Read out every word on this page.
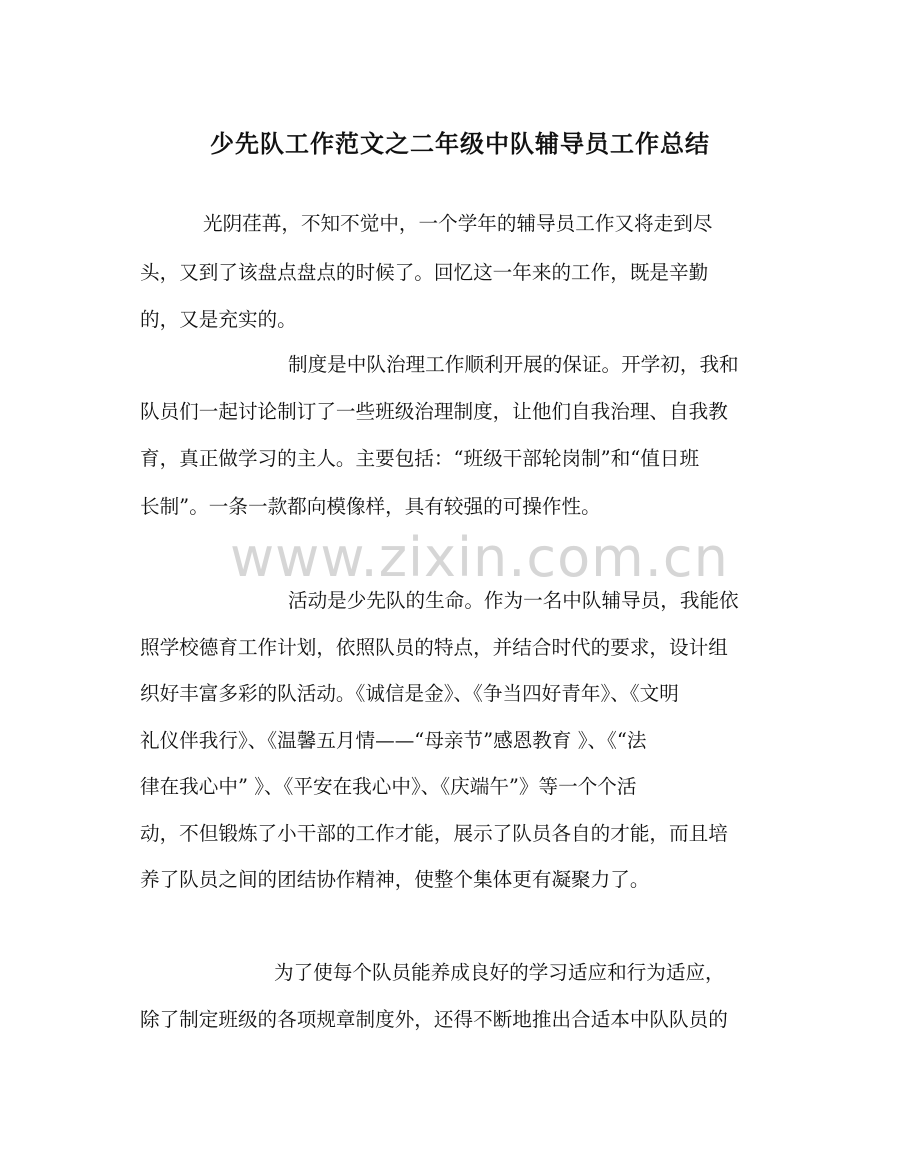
少先队工作范文之二年级中队辅导员工作总结
www.zixin.com.cn

光阴荏苒，不知不觉中，一个学年的辅导员工作又将走到尽

头，又到了该盘点盘点的时候了。回忆这一年来的工作，既是辛勤

的，又是充实的。

制度是中队治理工作顺利开展的保证。开学初，我和

队员们一起讨论制订了一些班级治理制度，让他们自我治理、自我教

育，真正做学习的主人。主要包括：“班级干部轮岗制”和“值日班

长制”。一条一款都向模像样，具有较强的可操作性。

活动是少先队的生命。作为一名中队辅导员，我能依

照学校德育工作计划，依照队员的特点，并结合时代的要求，设计组

织好丰富多彩的队活动。《诚信是金》、《争当四好青年》、《文明

礼仪伴我行》、《温馨五月情——“母亲节”感恩教育 》、《“法

律在我心中” 》、《平安在我心中》、《庆端午”》等一个个活

动，不但锻炼了小干部的工作才能，展示了队员各自的才能，而且培

养了队员之间的团结协作精神，使整个集体更有凝聚力了。

为了使每个队员能养成良好的学习适应和行为适应，

除了制定班级的各项规章制度外，还得不断地推出合适本中队队员的
